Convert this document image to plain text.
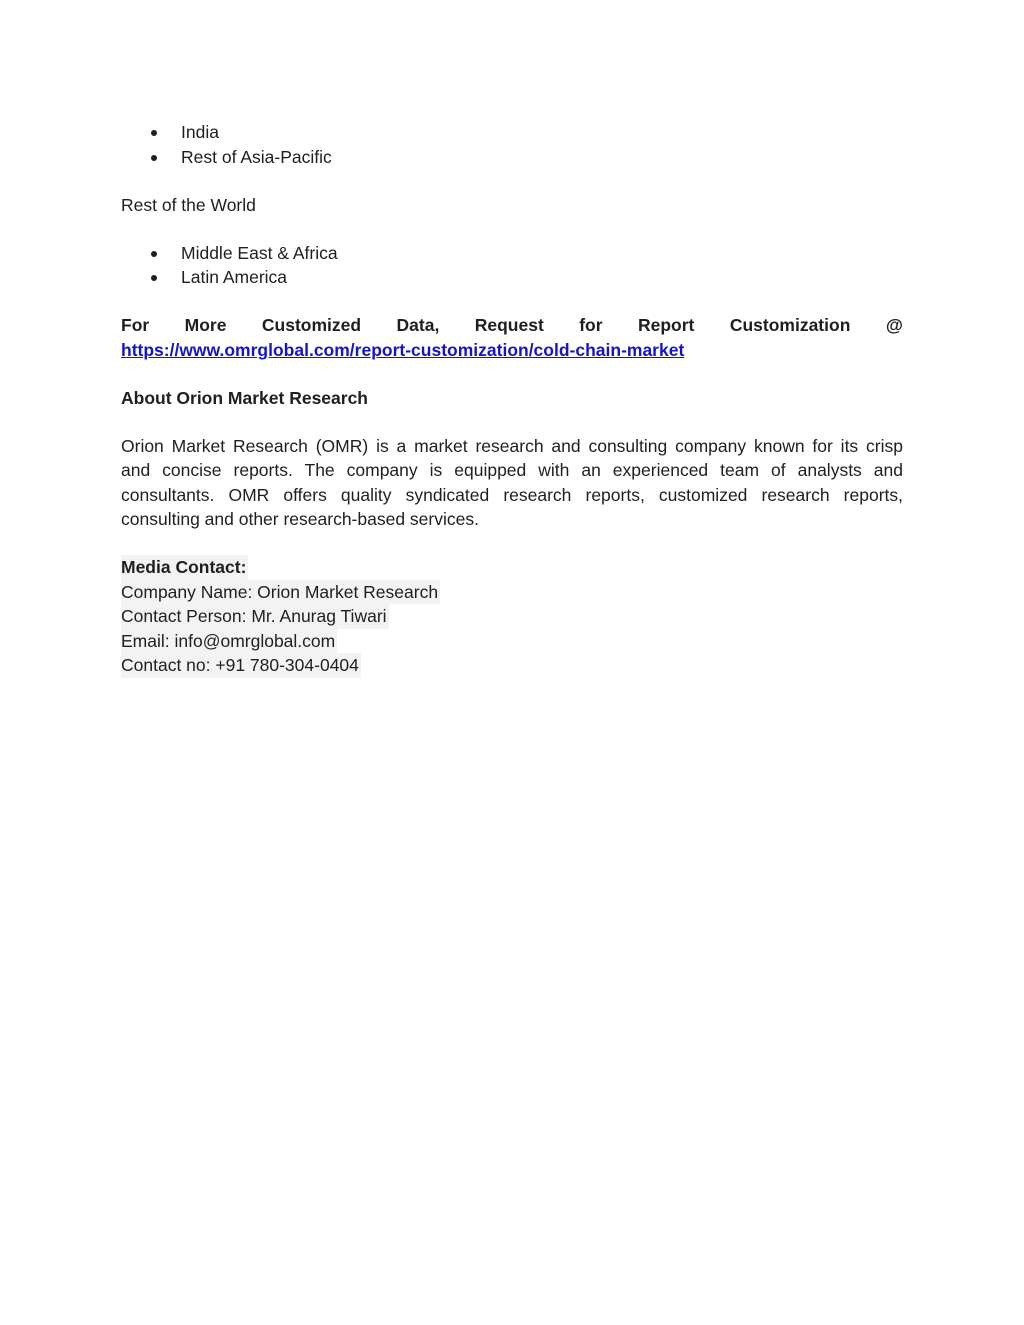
India
Rest of Asia-Pacific
Rest of the World
Middle East & Africa
Latin America
For More Customized Data, Request for Report Customization @
https://www.omrglobal.com/report-customization/cold-chain-market
About Orion Market Research
Orion Market Research (OMR) is a market research and consulting company known for its crisp
and concise reports. The company is equipped with an experienced team of analysts and
consultants. OMR offers quality syndicated research reports, customized research reports,
consulting and other research-based services.
Media Contact:
Company Name: Orion Market Research
Contact Person: Mr. Anurag Tiwari
Email: info@omrglobal.com
Contact no: +91 780-304-0404
